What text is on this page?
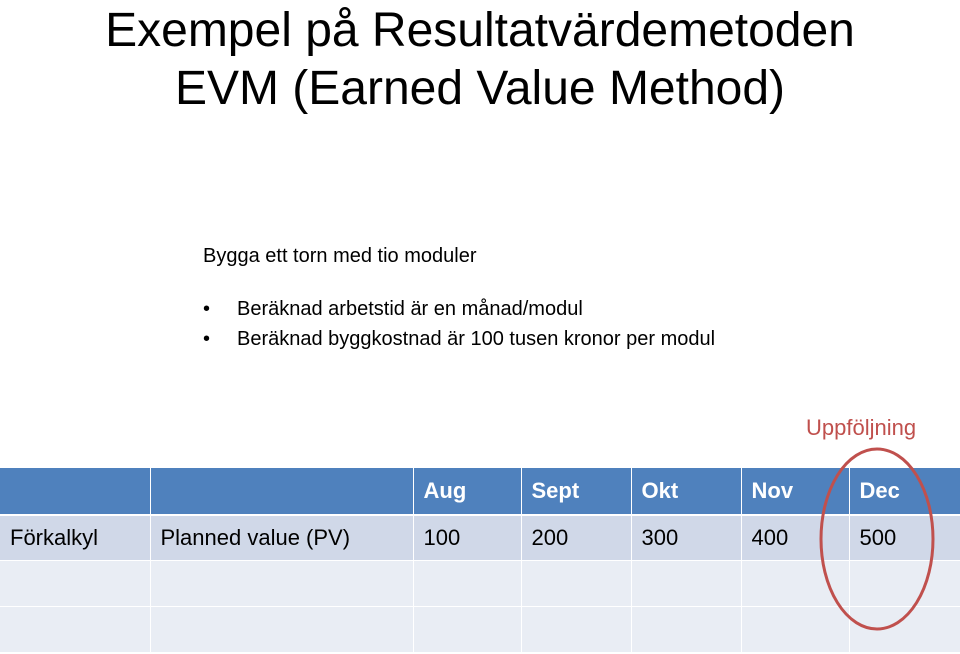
Exempel på Resultatvärdemetoden
EVM (Earned Value Method)
Bygga ett torn med tio moduler
• Beräknad arbetstid är en månad/modul
• Beräknad byggkostnad är 100 tusen kronor per modul
Uppföljning
		Aug	Sept	Okt	Nov	Dec
Förkalkyl	Planned value (PV)	100	200	300	400	500
